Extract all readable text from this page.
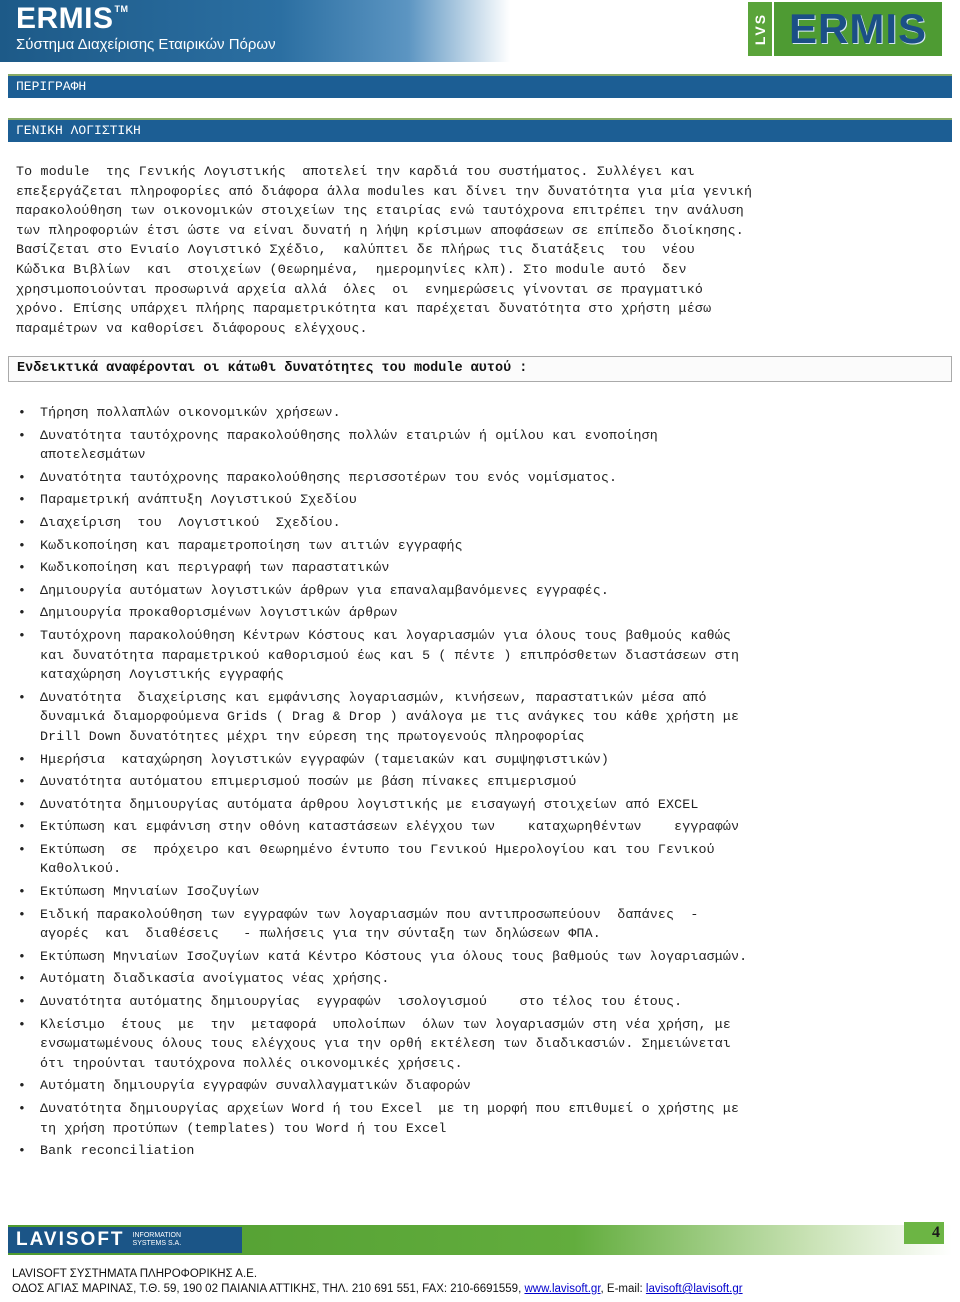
ERMIS™
Σύστημα Διαχείρισης Εταιρικών Πόρων	LVS ERMIS
ΠΕΡΙΓΡΑΦΗ
ΓΕΝΙΚΗ ΛΟΓΙΣΤΙΚΗ
Το module  της Γενικής Λογιστικής  αποτελεί την καρδιά του συστήματος. Συλλέγει και
επεξεργάζεται πληροφορίες από διάφορα άλλα modules και δίνει την δυνατότητα για μία γενική
παρακολούθηση των οικονομικών στοιχείων της εταιρίας ενώ ταυτόχρονα επιτρέπει την ανάλυση
των πληροφοριών έτσι ώστε να είναι δυνατή η λήψη κρίσιμων αποφάσεων σε επίπεδο διοίκησης.
Βασίζεται στο Ενιαίο Λογιστικό Σχέδιο,  καλύπτει δε πλήρως τις διατάξεις  του  νέου
Κώδικα Βιβλίων  και  στοιχείων (Θεωρημένα,  ημερομηνίες κλπ). Στο module αυτό  δεν
χρησιμοποιούνται προσωρινά αρχεία αλλά  όλες  οι  ενημερώσεις γίνονται σε πραγματικό
χρόνο. Επίσης υπάρχει πλήρης παραμετρικότητα και παρέχεται δυνατότητα στο χρήστη μέσω
παραμέτρων να καθορίσει διάφορους ελέγχους.
Ενδεικτικά αναφέρονται οι κάτωθι δυνατότητες του module αυτού :
• Τήρηση πολλαπλών οικονομικών χρήσεων.
• Δυνατότητα ταυτόχρονης παρακολούθησης πολλών εταιριών ή ομίλου και ενοποίηση
αποτελεσμάτων
• Δυνατότητα ταυτόχρονης παρακολούθησης περισσοτέρων του ενός νομίσματος.
• Παραμετρική ανάπτυξη Λογιστικού Σχεδίου
• Διαχείριση  του  Λογιστικού  Σχεδίου.
• Κωδικοποίηση και παραμετροποίηση των αιτιών εγγραφής
• Κωδικοποίηση και περιγραφή των παραστατικών
• Δημιουργία αυτόματων λογιστικών άρθρων για επαναλαμβανόμενες εγγραφές.
• Δημιουργία προκαθορισμένων λογιστικών άρθρων
• Ταυτόχρονη παρακολούθηση Κέντρων Κόστους και λογαριασμών για όλους τους βαθμούς καθώς
και δυνατότητα παραμετρικού καθορισμού έως και 5 ( πέντε ) επιπρόσθετων διαστάσεων στη
καταχώρηση Λογιστικής εγγραφής
• Δυνατότητα  διαχείρισης και εμφάνισης λογαριασμών, κινήσεων, παραστατικών μέσα από
δυναμικά διαμορφούμενα Grids ( Drag & Drop ) ανάλογα με τις ανάγκες του κάθε χρήστη με
Drill Down δυνατότητες μέχρι την εύρεση της πρωτογενούς πληροφορίας
• Ημερήσια  καταχώρηση λογιστικών εγγραφών (ταμειακών και συμψηφιστικών)
• Δυνατότητα αυτόματου επιμερισμού ποσών με βάση πίνακες επιμερισμού
• Δυνατότητα δημιουργίας αυτόματα άρθρου λογιστικής με εισαγωγή στοιχείων από EXCEL
• Εκτύπωση και εμφάνιση στην οθόνη καταστάσεων ελέγχου των    καταχωρηθέντων    εγγραφών
• Εκτύπωση  σε  πρόχειρο και Θεωρημένο έντυπο του Γενικού Ημερολογίου και του Γενικού
Καθολικού.
• Εκτύπωση Μηνιαίων Ισοζυγίων
• Ειδική παρακολούθηση των εγγραφών των λογαριασμών που αντιπροσωπεύουν  δαπάνες  -
αγορές  και  διαθέσεις   - πωλήσεις για την σύνταξη των δηλώσεων ΦΠΑ.
• Εκτύπωση Μηνιαίων Ισοζυγίων κατά Κέντρο Κόστους για όλους τους βαθμούς των λογαριασμών.
• Αυτόματη διαδικασία ανοίγματος νέας χρήσης.
• Δυνατότητα αυτόματης δημιουργίας  εγγραφών  ισολογισμού    στο τέλος του έτους.
• Κλείσιμο  έτους  με  την  μεταφορά  υπολοίπων  όλων των λογαριασμών στη νέα χρήση, με
ενσωματωμένους όλους τους ελέγχους για την ορθή εκτέλεση των διαδικασιών. Σημειώνεται
ότι τηρούνται ταυτόχρονα πολλές οικονομικές χρήσεις.
• Αυτόματη δημιουργία εγγραφών συναλλαγματικών διαφορών
• Δυνατότητα δημιουργίας αρχείων Word ή του Excel  με τη μορφή που επιθυμεί ο χρήστης με
τη χρήση προτύπων (templates) του Word ή του Excel
• Bank reconciliation
LAVISOFT INFORMATION
SYSTEMS S.A.
4
LAVISOFT ΣΥΣΤΗΜΑΤΑ ΠΛΗΡΟΦΟΡΙΚΗΣ Α.Ε.
ΟΔΟΣ ΑΓΙΑΣ ΜΑΡΙΝΑΣ, Τ.Θ. 59, 190 02 ΠΑΙΑΝΙΑ ΑΤΤΙΚΗΣ, ΤΗΛ. 210 691 551, FAX: 210-6691559, www.lavisoft.gr, E-mail: lavisoft@lavisoft.gr
